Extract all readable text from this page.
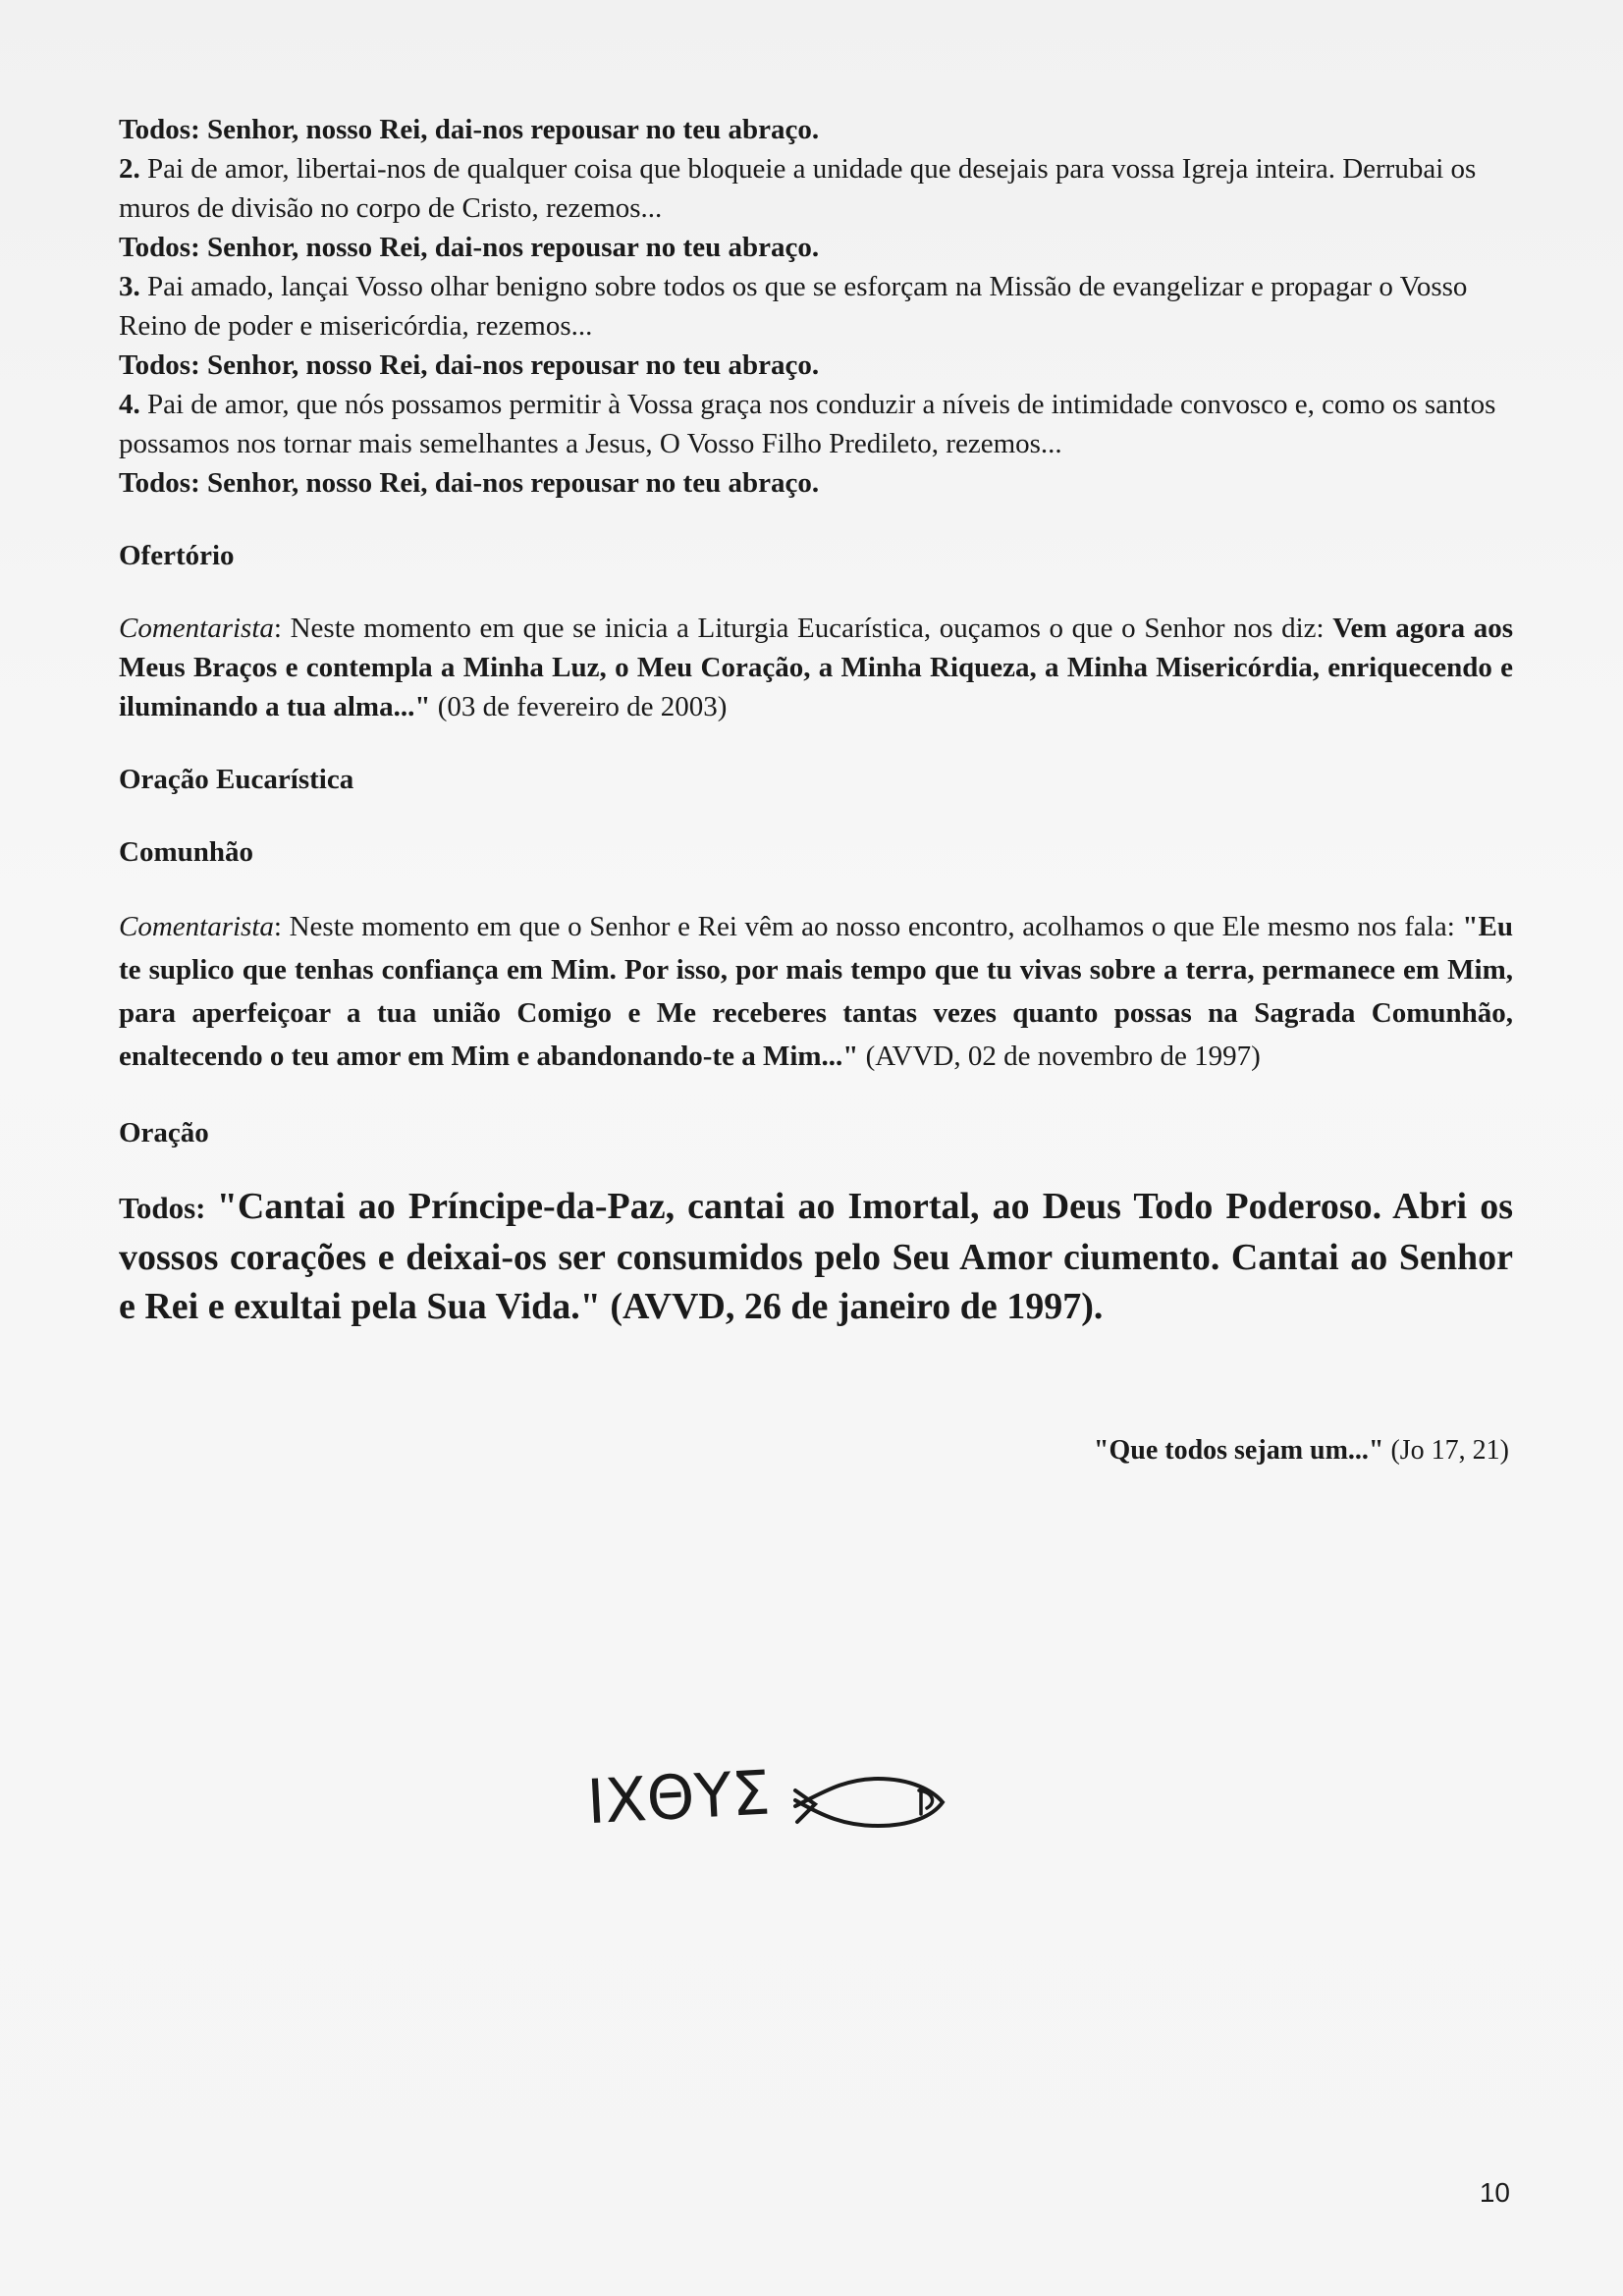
Todos: Senhor, nosso Rei, dai-nos repousar no teu abraço.

2. Pai de amor, libertai-nos de qualquer coisa que bloqueie a unidade que desejais para vossa Igreja inteira. Derrubai os muros de divisão no corpo de Cristo, rezemos...

Todos: Senhor, nosso Rei, dai-nos repousar no teu abraço.

3. Pai amado, lançai Vosso olhar benigno sobre todos os que se esforçam na Missão de evangelizar e propagar o Vosso Reino de poder e misericórdia, rezemos...

Todos: Senhor, nosso Rei, dai-nos repousar no teu abraço.

4. Pai de amor, que nós possamos permitir à Vossa graça nos conduzir a níveis de intimidade convosco e, como os santos possamos nos tornar mais semelhantes a Jesus, O Vosso Filho Predileto, rezemos...

Todos: Senhor, nosso Rei, dai-nos repousar no teu abraço.

Ofertório

Comentarista: Neste momento em que se inicia a Liturgia Eucarística, ouçamos o que o Senhor nos diz: Vem agora aos Meus Braços e contempla a Minha Luz, o Meu Coração, a Minha Riqueza, a Minha Misericórdia, enriquecendo e iluminando a tua alma..." (03 de fevereiro de 2003)

Oração Eucarística

Comunhão

Comentarista: Neste momento em que o Senhor e Rei vêm ao nosso encontro, acolhamos o que Ele mesmo nos fala: "Eu te suplico que tenhas confiança em Mim. Por isso, por mais tempo que tu vivas sobre a terra, permanece em Mim, para aperfeiçoar a tua união Comigo e Me receberes tantas vezes quanto possas na Sagrada Comunhão, enaltecendo o teu amor em Mim e abandonando-te a Mim..." (AVVD, 02 de novembro de 1997)

Oração

Todos: "Cantai ao Príncipe-da-Paz, cantai ao Imortal, ao Deus Todo Poderoso. Abri os vossos corações e deixai-os ser consumidos pelo Seu Amor ciumento. Cantai ao Senhor e Rei e exultai pela Sua Vida." (AVVD, 26 de janeiro de 1997).

"Que todos sejam um..." (Jo 17, 21)
IXΘYΣ
10
